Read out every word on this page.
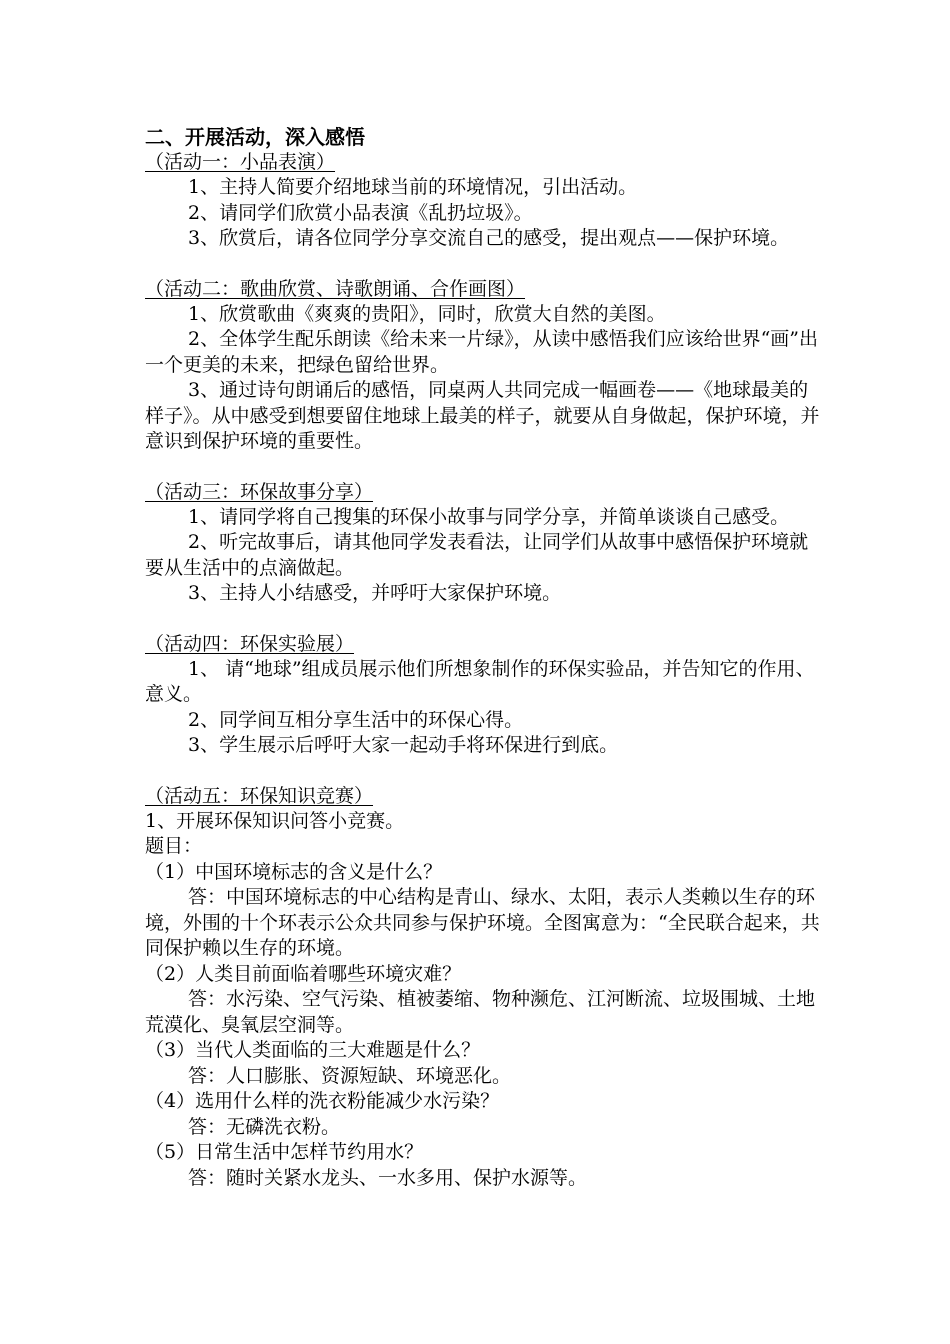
二、开展活动，深入感悟
（活动一：小品表演）

1、主持人简要介绍地球当前的环境情况，引出活动。

2、请同学们欣赏小品表演《乱扔垃圾》。

3、欣赏后，请各位同学分享交流自己的感受，提出观点——保护环境。

（活动二：歌曲欣赏、诗歌朗诵、合作画图）

1、欣赏歌曲《爽爽的贵阳》，同时，欣赏大自然的美图。

2、全体学生配乐朗读《给未来一片绿》，从读中感悟我们应该给世界“画”出一个更美的未来，把绿色留给世界。

3、通过诗句朗诵后的感悟，同桌两人共同完成一幅画卷——《地球最美的样子》。从中感受到想要留住地球上最美的样子，就要从自身做起，保护环境，并意识到保护环境的重要性。

（活动三：环保故事分享）

1、请同学将自己搜集的环保小故事与同学分享，并简单谈谈自己感受。

2、听完故事后，请其他同学发表看法，让同学们从故事中感悟保护环境就要从生活中的点滴做起。

3、主持人小结感受，并呼吁大家保护环境。

（活动四：环保实验展）

1、 请“地球”组成员展示他们所想象制作的环保实验品，并告知它的作用、意义。

2、同学间互相分享生活中的环保心得。

3、学生展示后呼吁大家一起动手将环保进行到底。

（活动五：环保知识竞赛）

1、开展环保知识问答小竞赛。

题目：

（1）中国环境标志的含义是什么？

答：中国环境标志的中心结构是青山、绿水、太阳，表示人类赖以生存的环境，外围的十个环表示公众共同参与保护环境。全图寓意为：“全民联合起来，共同保护赖以生存的环境。

（2）人类目前面临着哪些环境灾难？

答：水污染、空气污染、植被萎缩、物种濒危、江河断流、垃圾围城、土地荒漠化、臭氧层空洞等。

（3）当代人类面临的三大难题是什么？

答：人口膨胀、资源短缺、环境恶化。

（4）选用什么样的洗衣粉能减少水污染？

答：无磷洗衣粉。

（5）日常生活中怎样节约用水？

答：随时关紧水龙头、一水多用、保护水源等。
